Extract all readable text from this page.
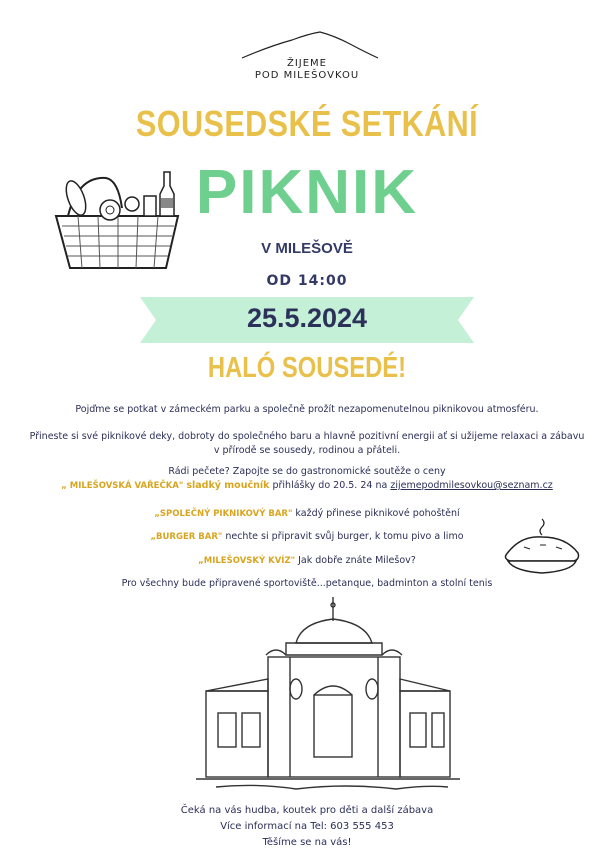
ŽIJEME
POD MILEŠOVKOU
SOUSEDSKÉ SETKÁNÍ
PIKNIK
V MILEŠOVĚ
OD 14:00
25.5.2024
HALÓ SOUSEDÉ!
Pojďme se potkat v zámeckém parku a společně prožít nezapomenutelnou piknikovou atmosféru.
Přineste si své piknikové deky, dobroty do společného baru a hlavně pozitivní energii ať si užijeme relaxaci a zábavu
v přírodě se sousedy, rodinou a přáteli.
Rádi pečete? Zapojte se do gastronomické soutěže o ceny
„ MILEŠOVSKÁ VAŘEČKA" sladký moučník přihlášky do 20.5. 24 na zijemepodmilesovkou@seznam.cz
„SPOLEČNÝ PIKNIKOVÝ BAR" každý přinese piknikové pohoštění
„BURGER BAR" nechte si připravit svůj burger, k tomu pivo a limo
„MILEŠOVSKÝ KVÍZ" Jak dobře znáte Milešov?
Pro všechny bude připravené sportoviště...petanque, badminton a stolní tenis
Čeká na vás hudba, koutek pro děti a další zábava
Více informací na Tel: 603 555 453
Těšíme se na vás!
